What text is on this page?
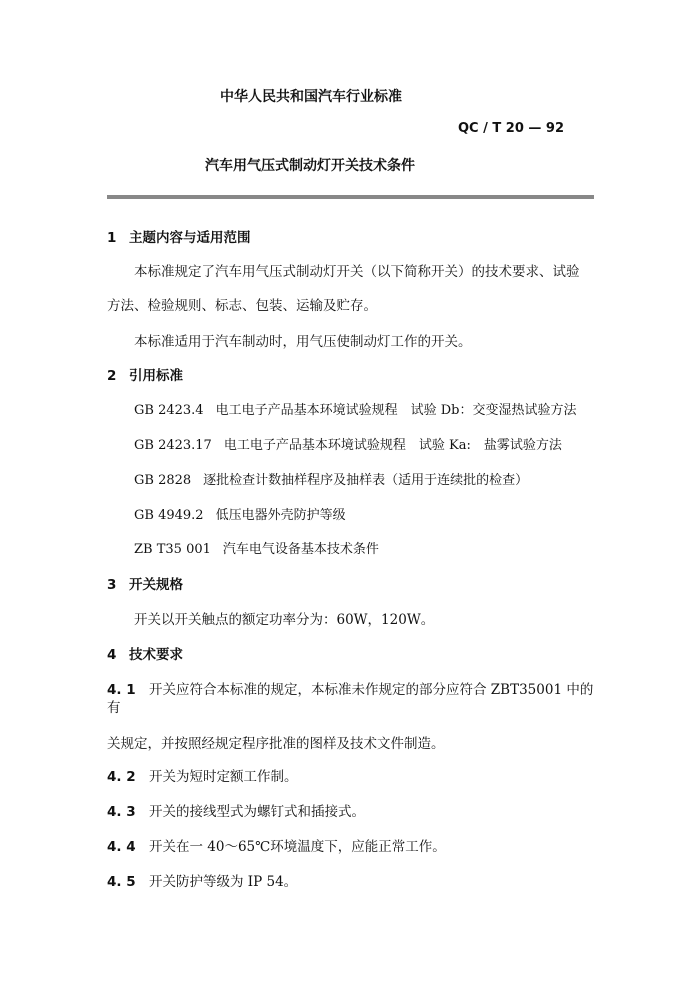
中华人民共和国汽车行业标准
QC / T 20 — 92
汽车用气压式制动灯开关技术条件
1 主题内容与适用范围
本标准规定了汽车用气压式制动灯开关（以下简称开关）的技术要求、试验
方法、检验规则、标志、包装、运输及贮存。
本标准适用于汽车制动时，用气压使制动灯工作的开关。
2 引用标准
GB 2423.4 电工电子产品基本环境试验规程　试验 Db：交变湿热试验方法
GB 2423.17 电工电子产品基本环境试验规程　试验 Ka:　盐雾试验方法
GB 2828 逐批检查计数抽样程序及抽样表（适用于连续批的检查）
GB 4949.2 低压电器外壳防护等级
ZB T35 001 汽车电气设备基本技术条件
3 开关规格
开关以开关触点的额定功率分为：60W，120W。
4 技术要求
4. 1 开关应符合本标准的规定，本标准未作规定的部分应符合 ZBT35001 中的
有
关规定，并按照经规定程序批准的图样及技术文件制造。
4. 2 开关为短时定额工作制。
4. 3 开关的接线型式为螺钉式和插接式。
4. 4 开关在一 40～65℃环境温度下，应能正常工作。
4. 5 开关防护等级为 IP 54。
